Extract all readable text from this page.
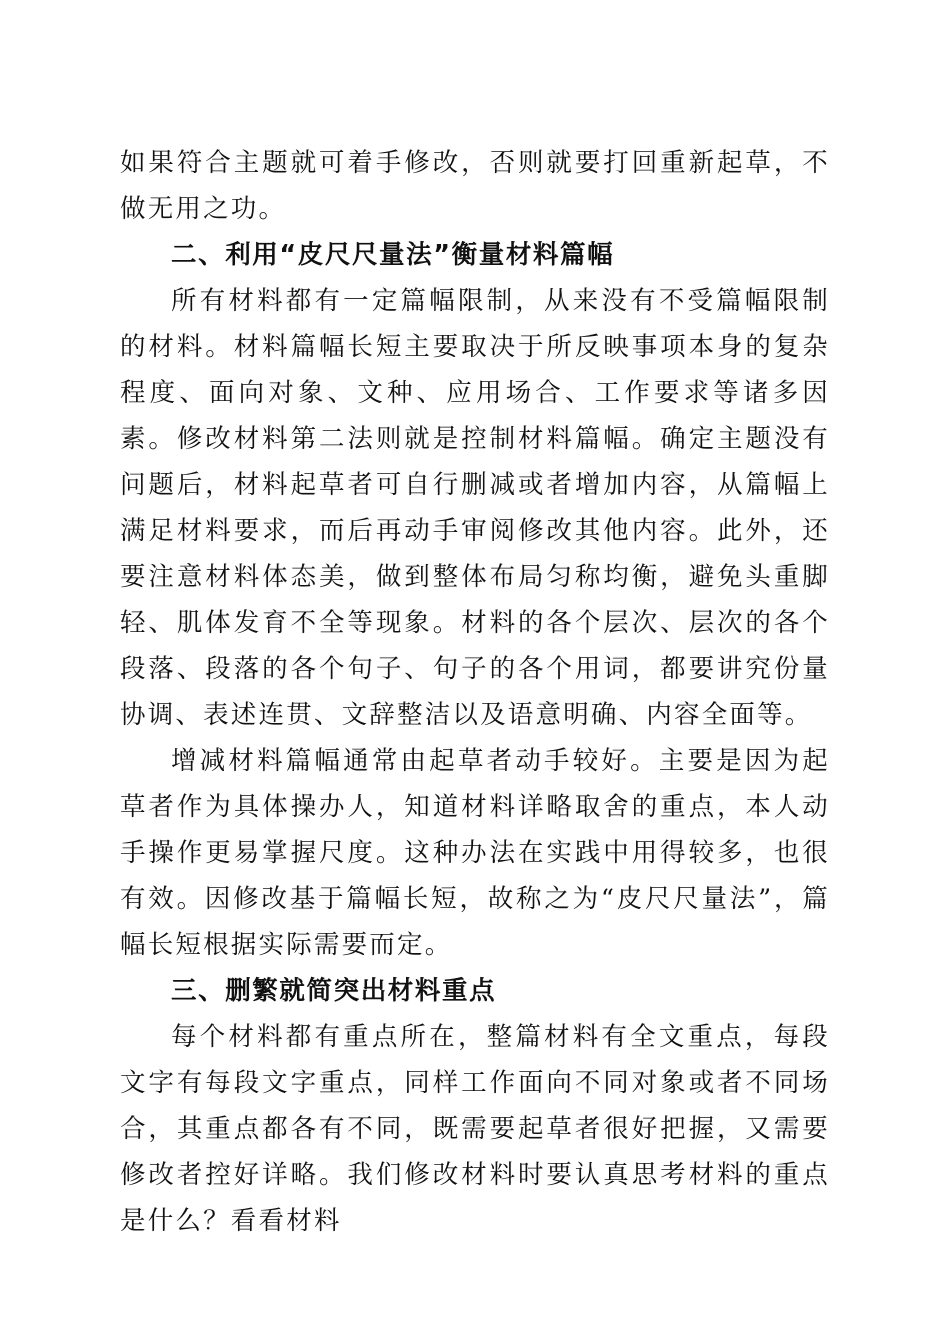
如果符合主题就可着手修改，否则就要打回重新起草，不做无用之功。

二、利用“皮尺尺量法”衡量材料篇幅

所有材料都有一定篇幅限制，从来没有不受篇幅限制的材料。材料篇幅长短主要取决于所反映事项本身的复杂程度、面向对象、文种、应用场合、工作要求等诸多因素。修改材料第二法则就是控制材料篇幅。确定主题没有问题后，材料起草者可自行删减或者增加内容，从篇幅上满足材料要求，而后再动手审阅修改其他内容。此外，还要注意材料体态美，做到整体布局匀称均衡，避免头重脚轻、肌体发育不全等现象。材料的各个层次、层次的各个段落、段落的各个句子、句子的各个用词，都要讲究份量协调、表述连贯、文辞整洁以及语意明确、内容全面等。

增减材料篇幅通常由起草者动手较好。主要是因为起草者作为具体操办人，知道材料详略取舍的重点，本人动手操作更易掌握尺度。这种办法在实践中用得较多，也很有效。因修改基于篇幅长短，故称之为“皮尺尺量法”，篇幅长短根据实际需要而定。

三、删繁就简突出材料重点

每个材料都有重点所在，整篇材料有全文重点，每段文字有每段文字重点，同样工作面向不同对象或者不同场合，其重点都各有不同，既需要起草者很好把握，又需要修改者控好详略。我们修改材料时要认真思考材料的重点是什么？看看材料
